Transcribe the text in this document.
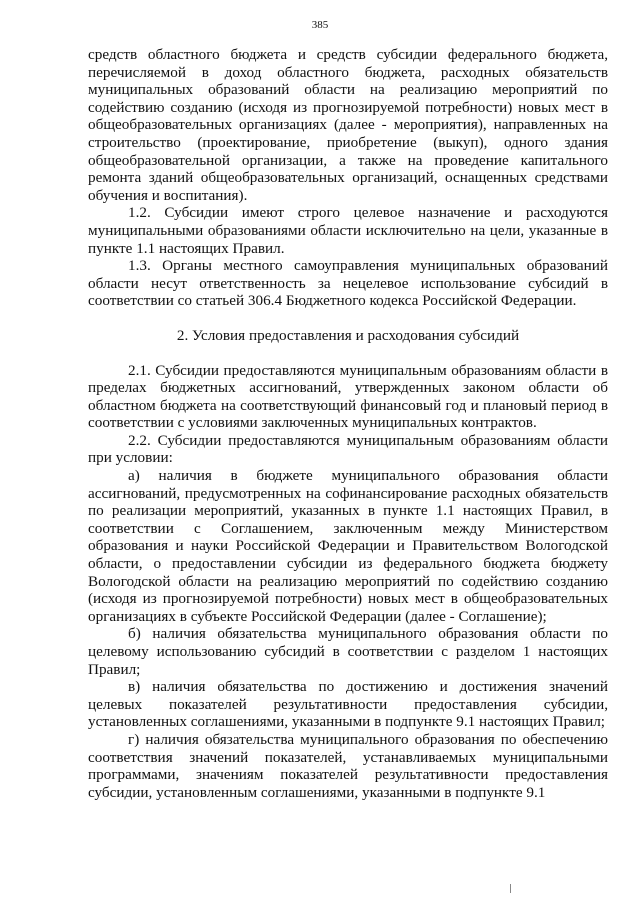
385

средств областного бюджета и средств субсидии федерального бюджета, перечисляемой в доход областного бюджета, расходных обязательств муниципальных образований области на реализацию мероприятий по содействию созданию (исходя из прогнозируемой потребности) новых мест в общеобразовательных организациях (далее - мероприятия), направленных на строительство (проектирование, приобретение (выкуп), одного здания общеобразовательной организации, а также на проведение капитального ремонта зданий общеобразовательных организаций, оснащенных средствами обучения и воспитания).

1.2. Субсидии имеют строго целевое назначение и расходуются муниципальными образованиями области исключительно на цели, указанные в пункте 1.1 настоящих Правил.

1.3. Органы местного самоуправления муниципальных образований области несут ответственность за нецелевое использование субсидий в соответствии со статьей 306.4 Бюджетного кодекса Российской Федерации.

2. Условия предоставления и расходования субсидий

2.1. Субсидии предоставляются муниципальным образованиям области в пределах бюджетных ассигнований, утвержденных законом области об областном бюджета на соответствующий финансовый год и плановый период в соответствии с условиями заключенных муниципальных контрактов.

2.2. Субсидии предоставляются муниципальным образованиям области при условии:

а) наличия в бюджете муниципального образования области ассигнований, предусмотренных на софинансирование расходных обязательств по реализации мероприятий, указанных в пункте 1.1 настоящих Правил, в соответствии с Соглашением, заключенным между Министерством образования и науки Российской Федерации и Правительством Вологодской области, о предоставлении субсидии из федерального бюджета бюджету Вологодской области на реализацию мероприятий по содействию созданию (исходя из прогнозируемой потребности) новых мест в общеобразовательных организациях в субъекте Российской Федерации (далее - Соглашение);

б) наличия обязательства муниципального образования области по целевому использованию субсидий в соответствии с разделом 1 настоящих Правил;

в) наличия обязательства по достижению и достижения значений целевых показателей результативности предоставления субсидии, установленных соглашениями, указанными в подпункте 9.1 настоящих Правил;

г) наличия обязательства муниципального образования по обеспечению соответствия значений показателей, устанавливаемых муниципальными программами, значениям показателей результативности предоставления субсидии, установленным соглашениями, указанными в подпункте 9.1
